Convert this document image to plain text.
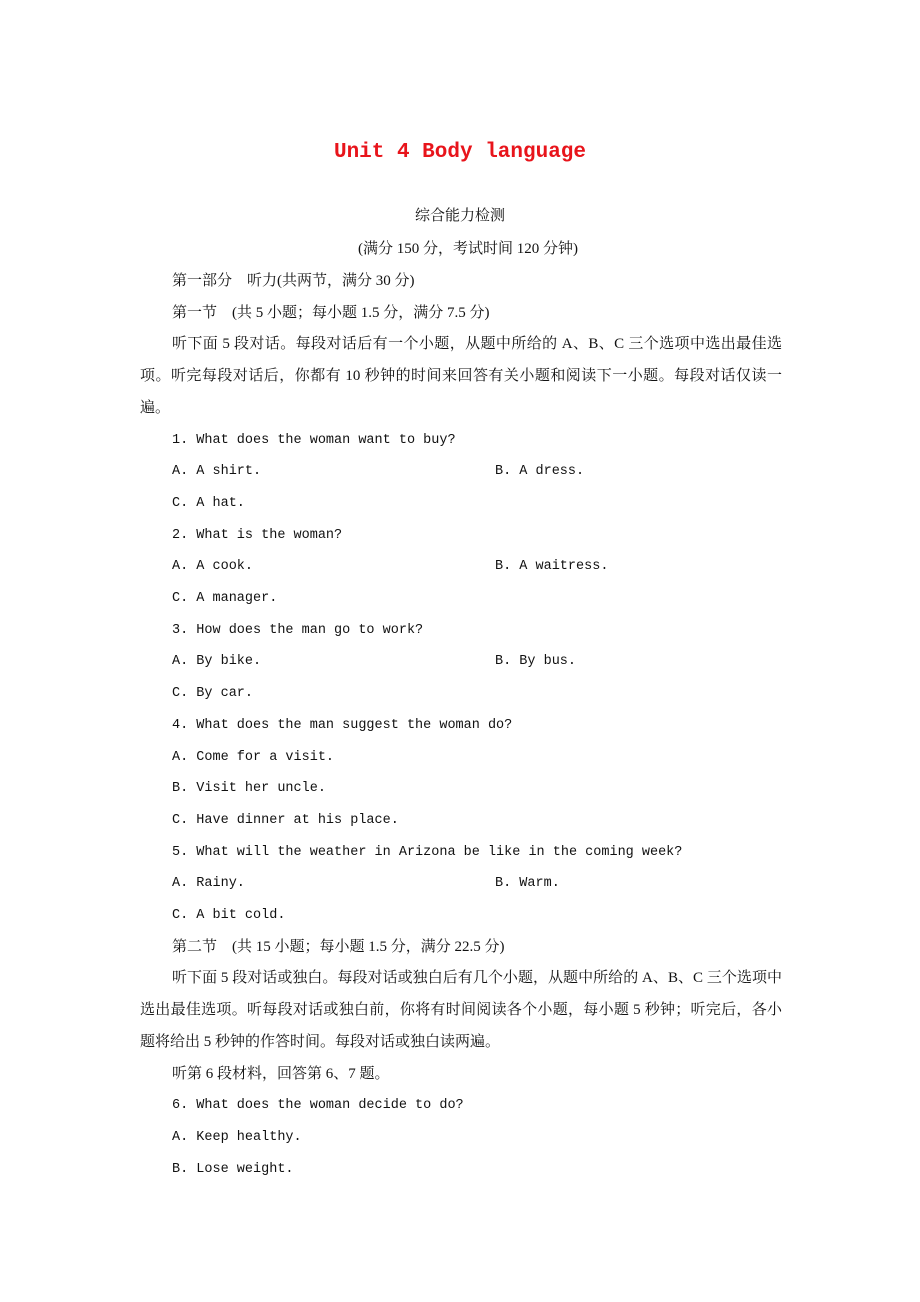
Unit 4 Body language
综合能力检测
(满分 150 分，考试时间 120 分钟)
第一部分　听力(共两节，满分 30 分)
第一节　(共 5 小题；每小题 1.5 分，满分 7.5 分)

听下面 5 段对话。每段对话后有一个小题，从题中所给的 A、B、C 三个选项中选出最佳选项。听完每段对话后，你都有 10 秒钟的时间来回答有关小题和阅读下一小题。每段对话仅读一遍。

1. What does the woman want to buy?
A. A shirt.	B. A dress.
C. A hat.
2. What is the woman?
A. A cook.	B. A waitress.
C. A manager.
3. How does the man go to work?
A. By bike.	B. By bus.
C. By car.
4. What does the man suggest the woman do?
A. Come for a visit.
B. Visit her uncle.
C. Have dinner at his place.
5. What will the weather in Arizona be like in the coming week?
A. Rainy.	B. Warm.
C. A bit cold.
第二节　(共 15 小题；每小题 1.5 分，满分 22.5 分)

听下面 5 段对话或独白。每段对话或独白后有几个小题，从题中所给的 A、B、C 三个选项中选出最佳选项。听每段对话或独白前，你将有时间阅读各个小题，每小题 5 秒钟；听完后，各小题将给出 5 秒钟的作答时间。每段对话或独白读两遍。

听第 6 段材料，回答第 6、7 题。
6. What does the woman decide to do?
A. Keep healthy.
B. Lose weight.
